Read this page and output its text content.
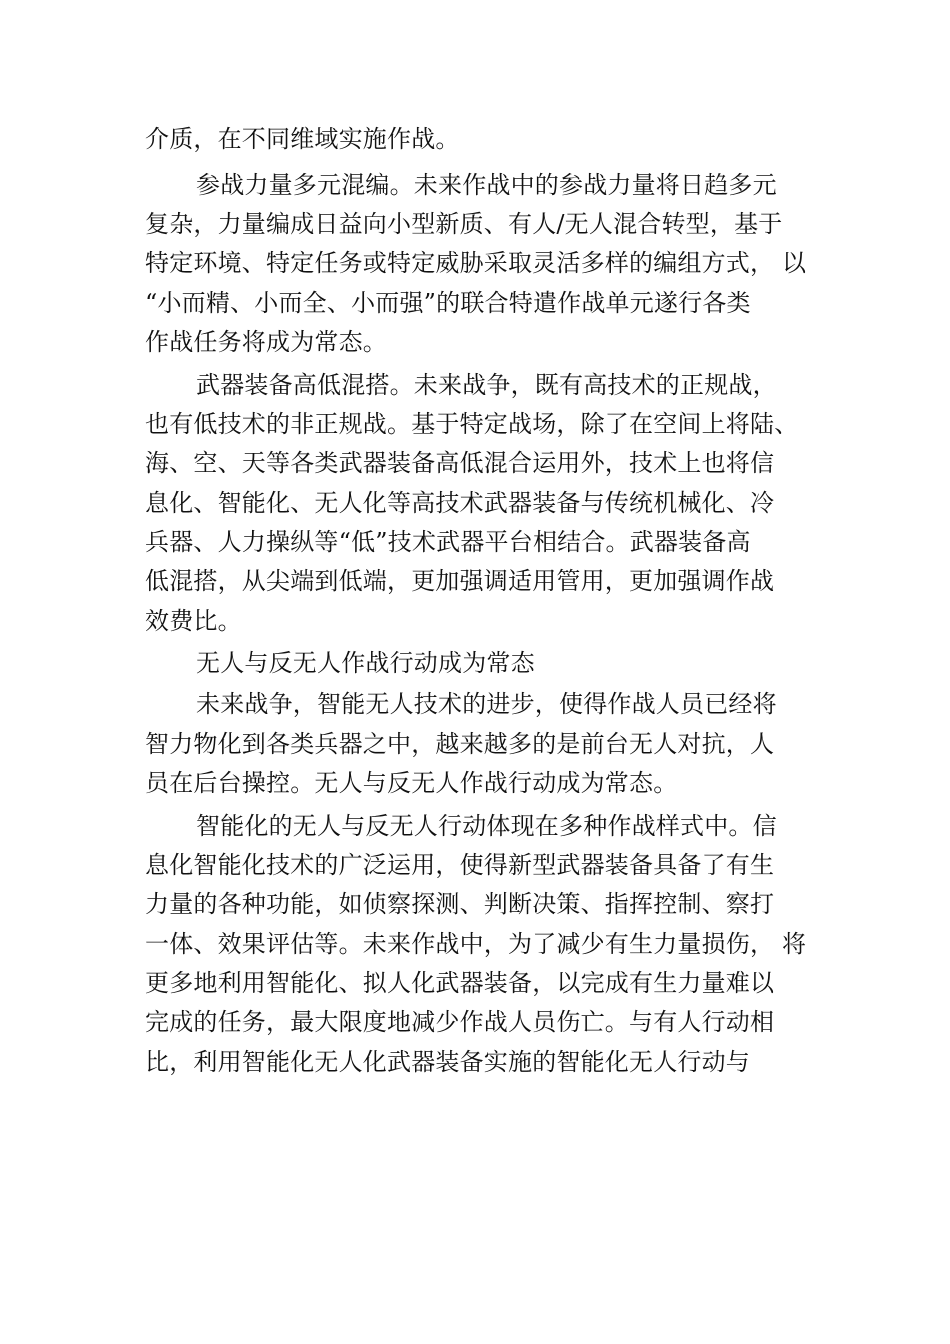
介质，在不同维域实施作战。
参战力量多元混编。未来作战中的参战力量将日趋多元
复杂，力量编成日益向小型新质、有人/无人混合转型，基于
特定环境、特定任务或特定威胁采取灵活多样的编组方式， 以
“小而精、小而全、小而强”的联合特遣作战单元遂行各类
作战任务将成为常态。
武器装备高低混搭。未来战争，既有高技术的正规战，
也有低技术的非正规战。基于特定战场，除了在空间上将陆、
海、空、天等各类武器装备高低混合运用外，技术上也将信
息化、智能化、无人化等高技术武器装备与传统机械化、冷
兵器、人力操纵等“低”技术武器平台相结合。武器装备高
低混搭，从尖端到低端，更加强调适用管用，更加强调作战
效费比。
无人与反无人作战行动成为常态
未来战争，智能无人技术的进步，使得作战人员已经将
智力物化到各类兵器之中，越来越多的是前台无人对抗，人
员在后台操控。无人与反无人作战行动成为常态。
智能化的无人与反无人行动体现在多种作战样式中。信
息化智能化技术的广泛运用，使得新型武器装备具备了有生
力量的各种功能，如侦察探测、判断决策、指挥控制、察打
一体、效果评估等。未来作战中，为了减少有生力量损伤， 将
更多地利用智能化、拟人化武器装备，以完成有生力量难以
完成的任务，最大限度地减少作战人员伤亡。与有人行动相
比，利用智能化无人化武器装备实施的智能化无人行动与
